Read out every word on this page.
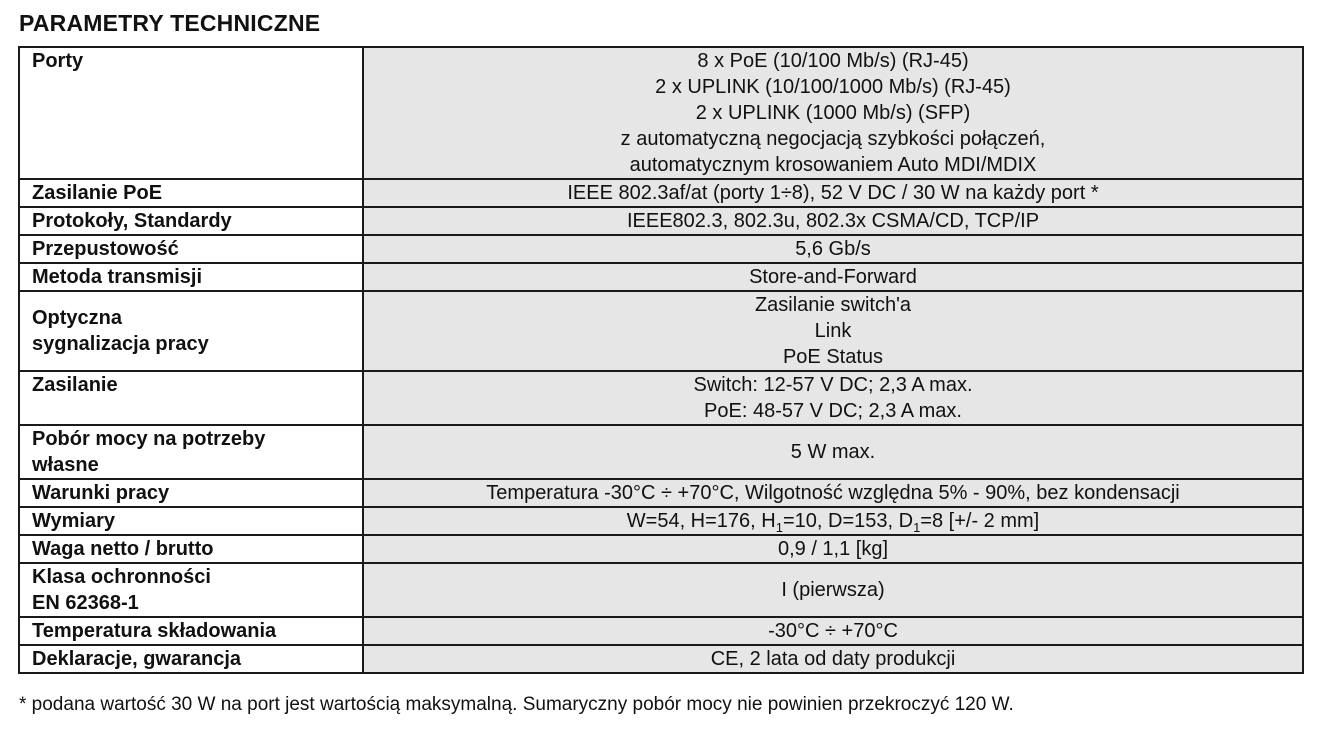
PARAMETRY TECHNICZNE
Porty	8 x PoE (10/100 Mb/s) (RJ-45)
2 x UPLINK (10/100/1000 Mb/s) (RJ-45)
2 x UPLINK (1000 Mb/s) (SFP)
z automatyczną negocjacją szybkości połączeń,
automatycznym krosowaniem Auto MDI/MDIX

Zasilanie PoE	IEEE 802.3af/at (porty 1÷8), 52 V DC / 30 W na każdy port *
Protokoły, Standardy	IEEE802.3, 802.3u, 802.3x CSMA/CD, TCP/IP
Przepustowość	5,6 Gb/s
Metoda transmisji	Store-and-Forward

Optyczna
sygnalizacja pracy	Zasilanie switch'a
Link
PoE Status

Zasilanie	Switch: 12-57 V DC; 2,3 A max.
PoE: 48-57 V DC; 2,3 A max.

Pobór mocy na potrzeby
własne	5 W max.
Warunki pracy	Temperatura -30°C ÷ +70°C, Wilgotność względna 5% - 90%, bez kondensacji
Wymiary	W=54, H=176, $H_1=10$, D=153, $D_1=8$ [+/- 2 mm]
Waga netto / brutto	0,9 / 1,1 [kg]

Klasa ochronności
EN 62368-1	I (pierwsza)
Temperatura składowania	-30°C ÷ +70°C
Deklaracje, gwarancja	CE, 2 lata od daty produkcji

* podana wartość 30 W na port jest wartością maksymalną. Sumaryczny pobór mocy nie powinien przekroczyć 120 W.
